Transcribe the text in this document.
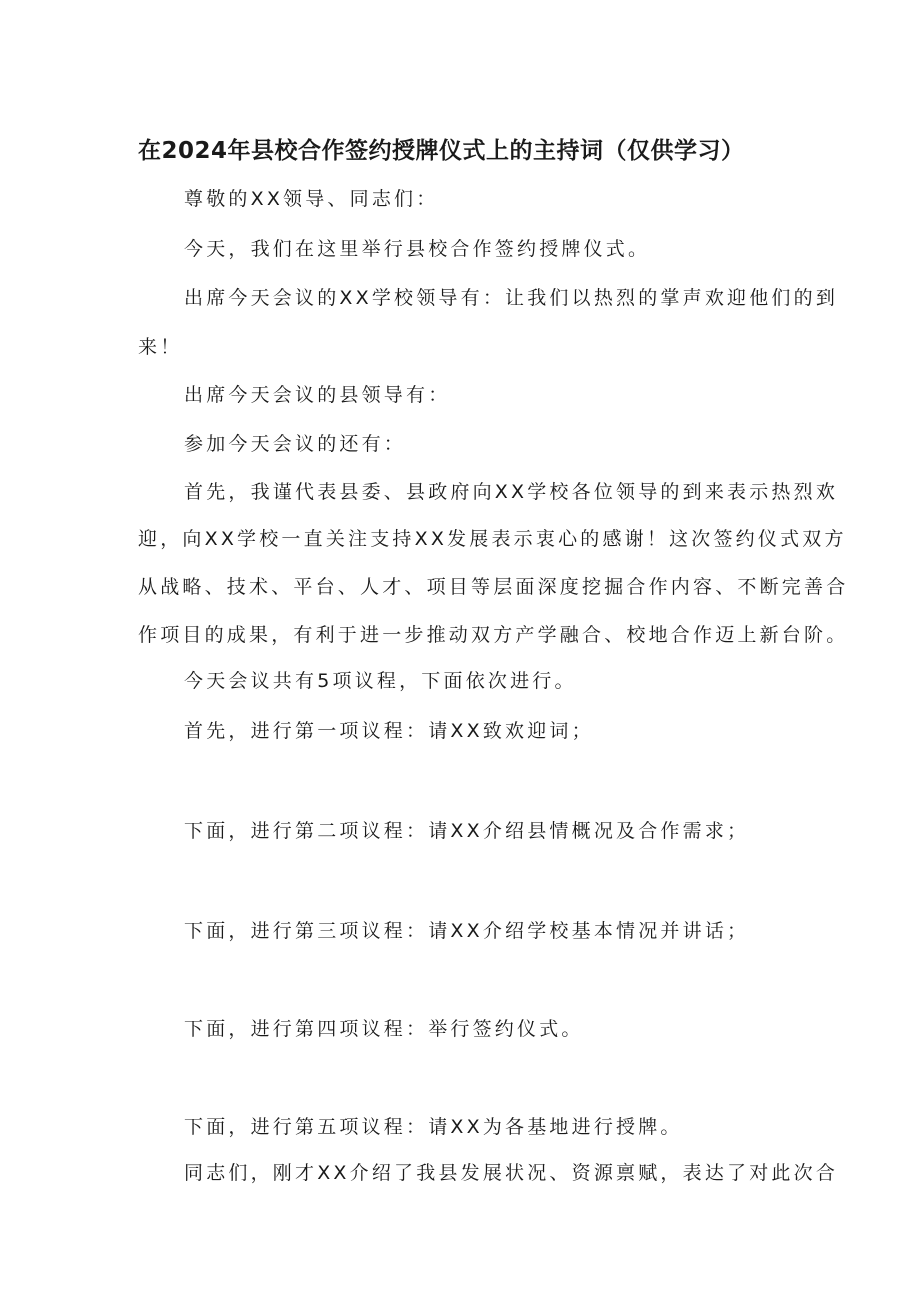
在2024年县校合作签约授牌仪式上的主持词（仅供学习）
尊敬的XX领导、同志们：
今天，我们在这里举行县校合作签约授牌仪式。
出席今天会议的XX学校领导有：让我们以热烈的掌声欢迎他们的到
来！
出席今天会议的县领导有：
参加今天会议的还有：
首先，我谨代表县委、县政府向XX学校各位领导的到来表示热烈欢
迎，向XX学校一直关注支持XX发展表示衷心的感谢！这次签约仪式双方
从战略、技术、平台、人才、项目等层面深度挖掘合作内容、不断完善合
作项目的成果，有利于进一步推动双方产学融合、校地合作迈上新台阶。
今天会议共有5项议程，下面依次进行。
首先，进行第一项议程：请XX致欢迎词；
下面，进行第二项议程：请XX介绍县情概况及合作需求；
下面，进行第三项议程：请XX介绍学校基本情况并讲话；
下面，进行第四项议程：举行签约仪式。
下面，进行第五项议程：请XX为各基地进行授牌。
同志们，刚才XX介绍了我县发展状况、资源禀赋，表达了对此次合
